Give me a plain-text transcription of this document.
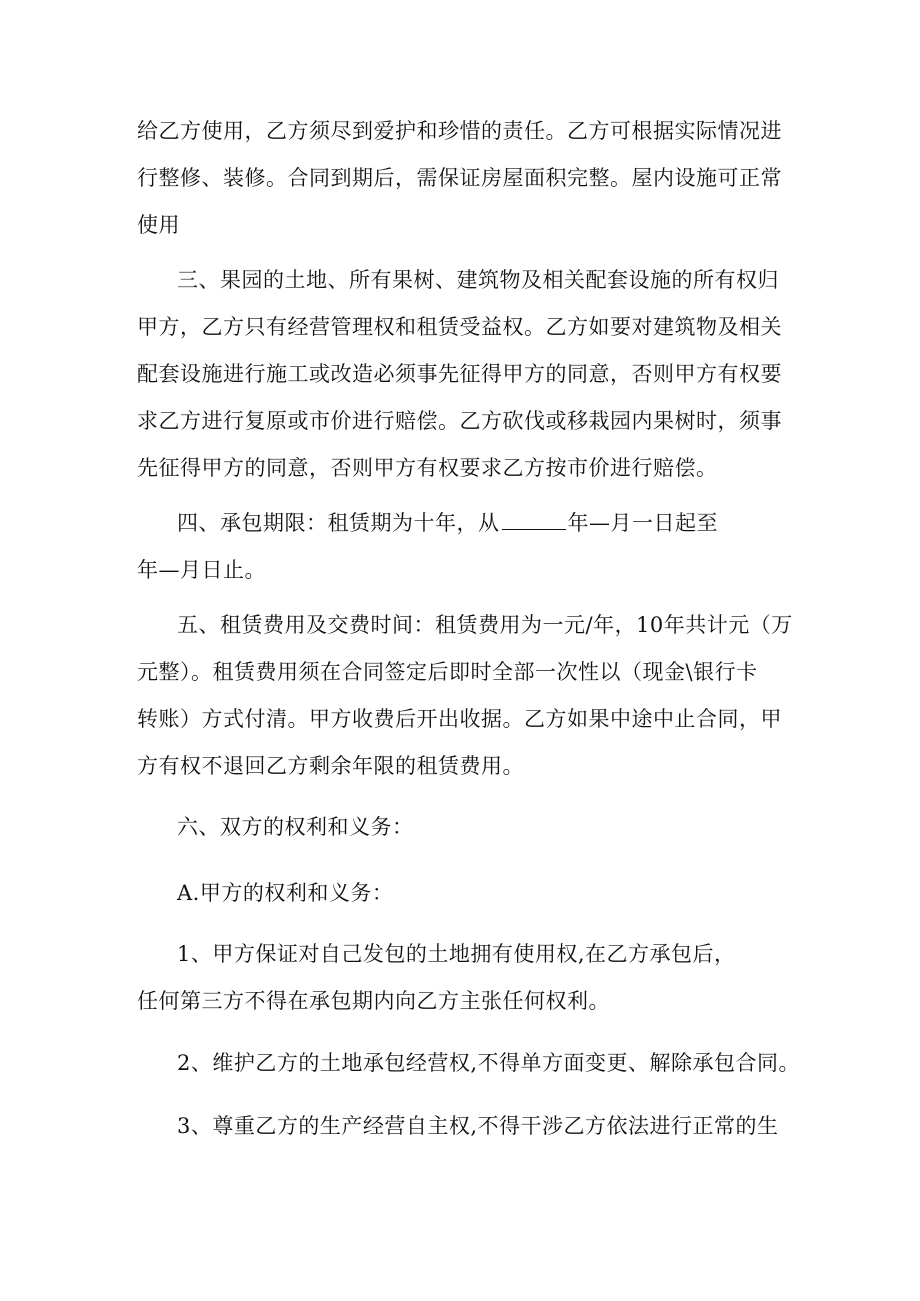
给乙方使用，乙方须尽到爱护和珍惜的责任。乙方可根据实际情况进
行整修、装修。合同到期后，需保证房屋面积完整。屋内设施可正常
使用
三、果园的土地、所有果树、建筑物及相关配套设施的所有权归
甲方，乙方只有经营管理权和租赁受益权。乙方如要对建筑物及相关
配套设施进行施工或改造必须事先征得甲方的同意，否则甲方有权要
求乙方进行复原或市价进行赔偿。乙方砍伐或移栽园内果树时，须事
先征得甲方的同意，否则甲方有权要求乙方按市价进行赔偿。
四、承包期限：租赁期为十年，从	年—月一日起至
年—月日止。
五、租赁费用及交费时间：租赁费用为一元/年，10年共计元（万
元整）。租赁费用须在合同签定后即时全部一次性以（现金\银行卡
转账）方式付清。甲方收费后开出收据。乙方如果中途中止合同，甲
方有权不退回乙方剩余年限的租赁费用。
六、双方的权利和义务：
A.甲方的权利和义务：
1、甲方保证对自己发包的土地拥有使用权,在乙方承包后，
任何第三方不得在承包期内向乙方主张任何权利。
2、维护乙方的土地承包经营权,不得单方面变更、解除承包合同。
3、尊重乙方的生产经营自主权,不得干涉乙方依法进行正常的生
